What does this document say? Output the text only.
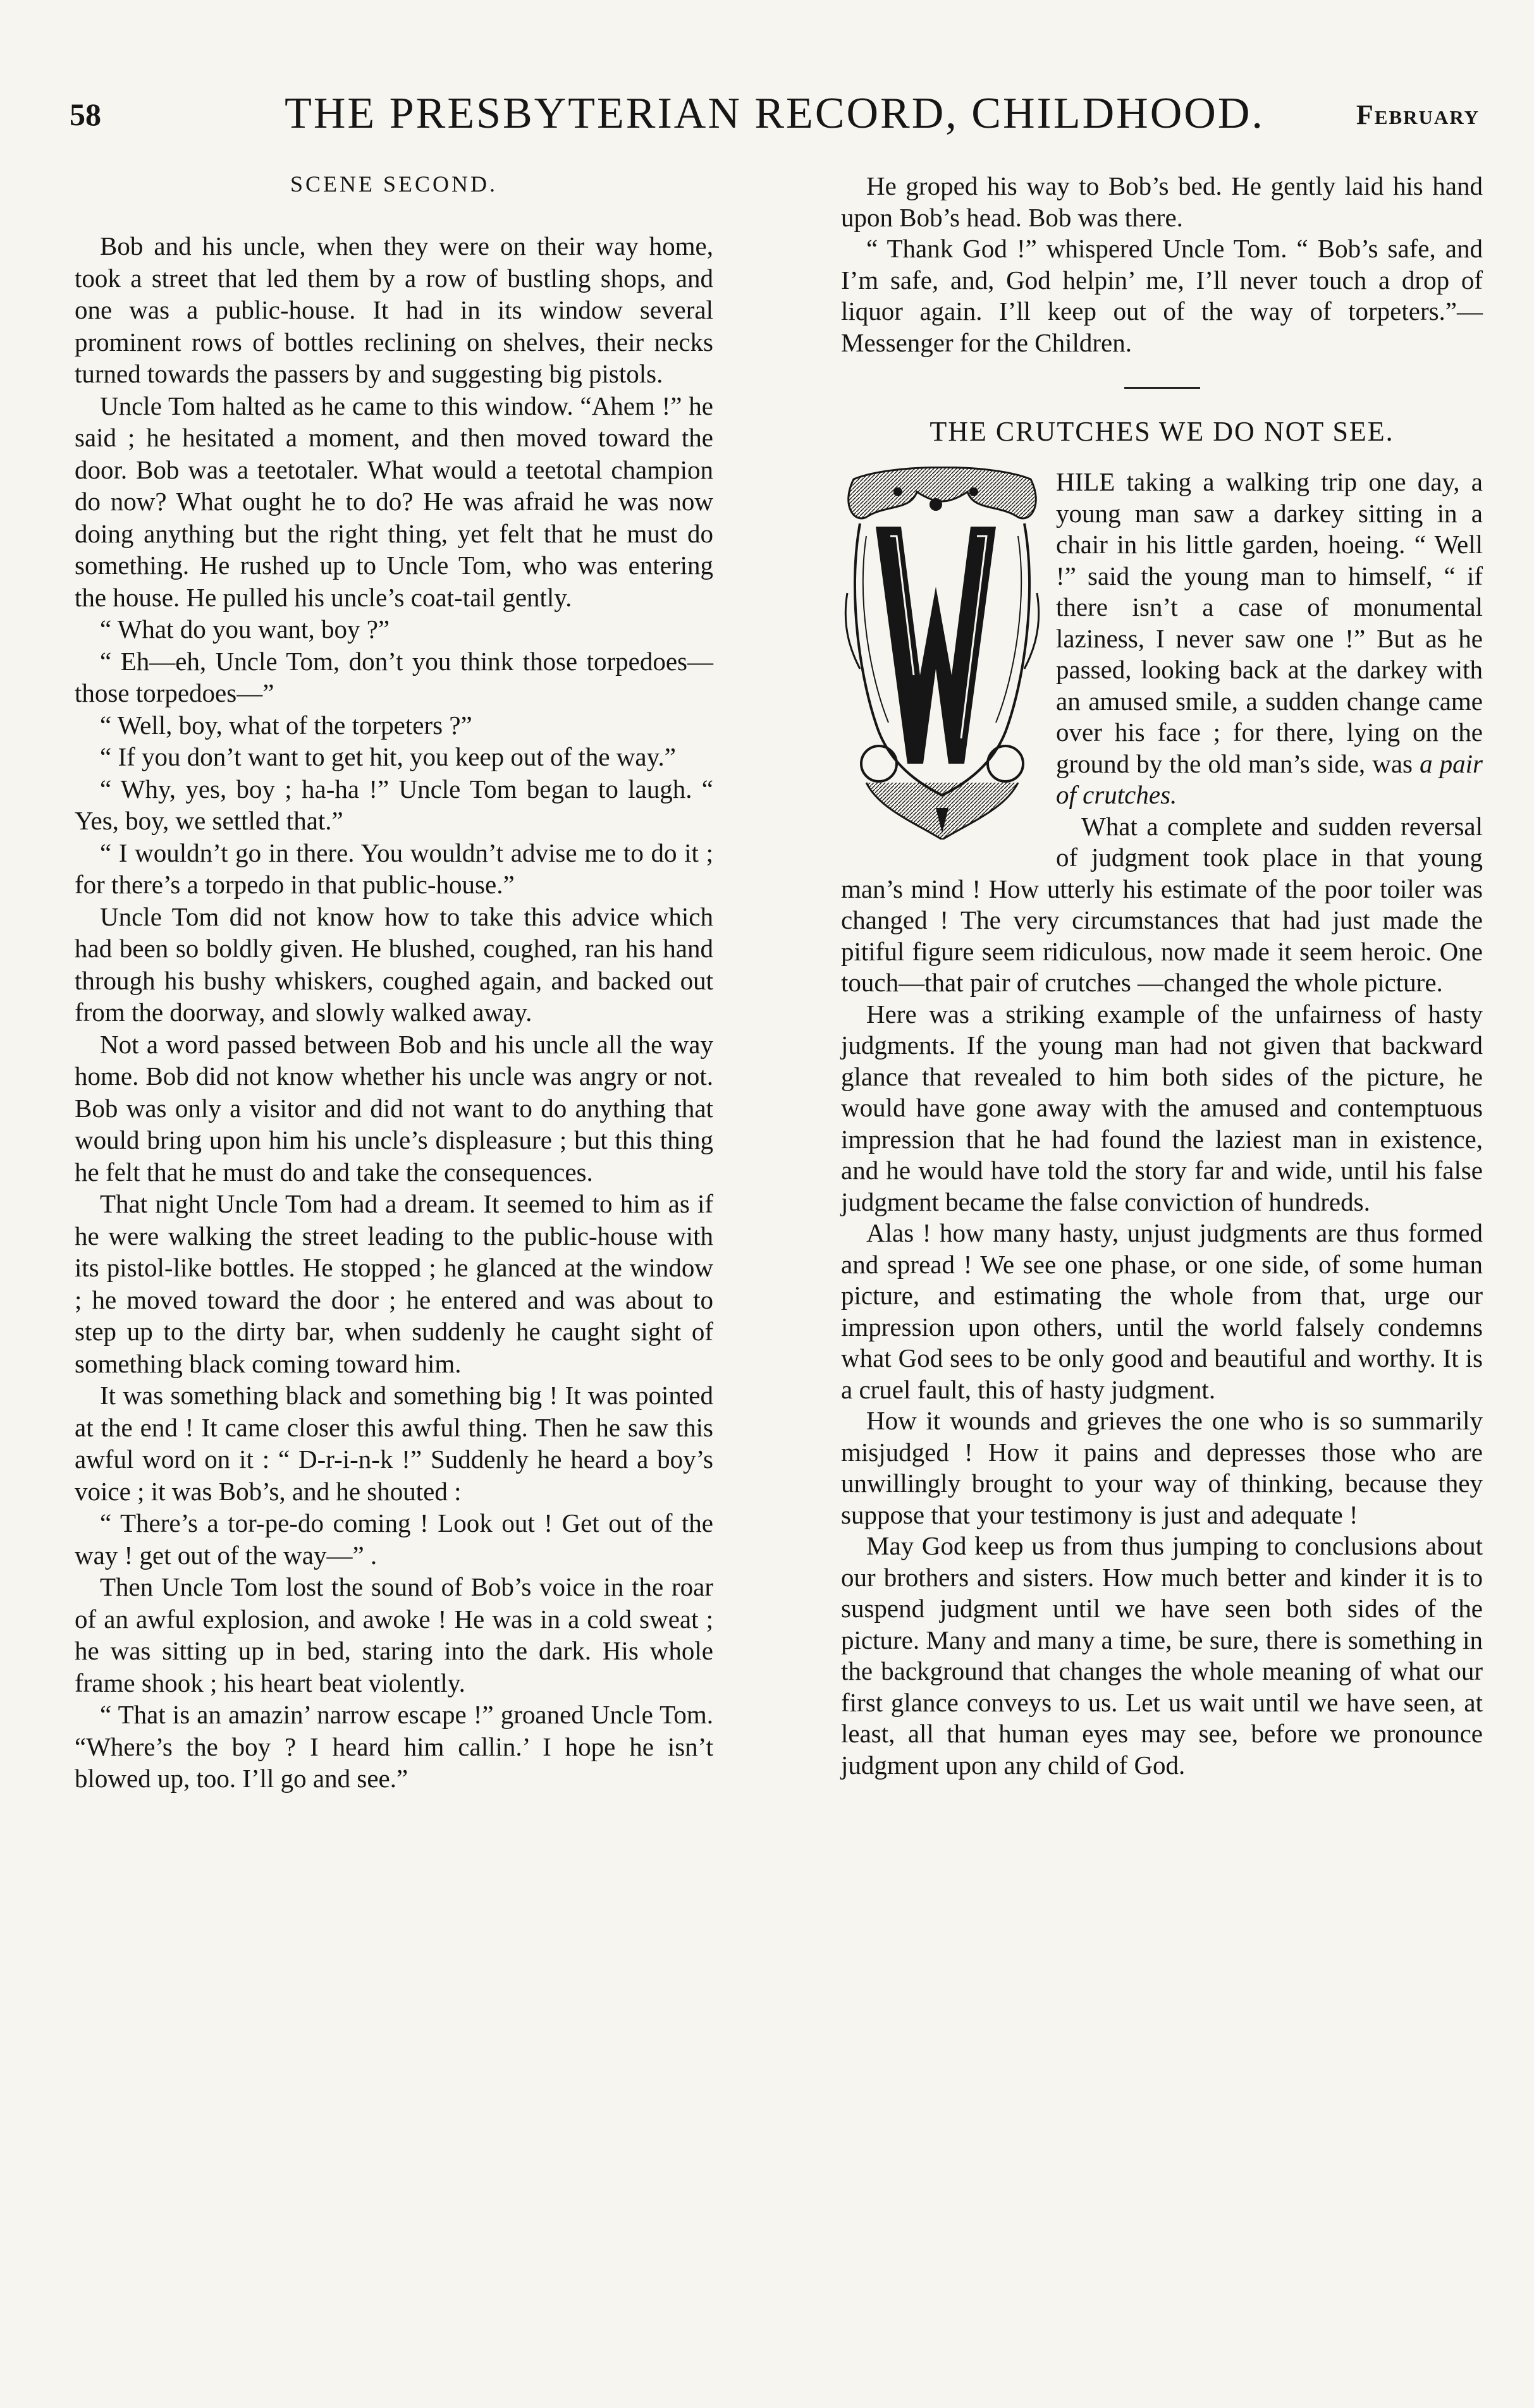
58	THE PRESBYTERIAN RECORD, CHILDHOOD.	February
SCENE SECOND.

Bob and his uncle, when they were on their way home, took a street that led them by a row of bustling shops, and one was a public-house. It had in its window several prominent rows of bottles reclining on shelves, their necks turned towards the passers by and suggesting big pistols.

Uncle Tom halted as he came to this window. “Ahem !” he said ; he hesitated a moment, and then moved toward the door. Bob was a teetotaler. What would a teetotal champion do now? What ought he to do? He was afraid he was now doing anything but the right thing, yet felt that he must do something. He rushed up to Uncle Tom, who was entering the house. He pulled his uncle’s coat-tail gently.

“ What do you want, boy ?”

“ Eh—eh, Uncle Tom, don’t you think those torpedoes—those torpedoes—”

“ Well, boy, what of the torpeters ?”

“ If you don’t want to get hit, you keep out of the way.”

“ Why, yes, boy ; ha-ha !” Uncle Tom began to laugh. “ Yes, boy, we settled that.”

“ I wouldn’t go in there. You wouldn’t advise me to do it ; for there’s a torpedo in that public-house.”

Uncle Tom did not know how to take this advice which had been so boldly given. He blushed, coughed, ran his hand through his bushy whiskers, coughed again, and backed out from the doorway, and slowly walked away.

Not a word passed between Bob and his uncle all the way home. Bob did not know whether his uncle was angry or not. Bob was only a visitor and did not want to do anything that would bring upon him his uncle’s displeasure ; but this thing he felt that he must do and take the consequences.

That night Uncle Tom had a dream. It seemed to him as if he were walking the street leading to the public-house with its pistol-like bottles. He stopped ; he glanced at the window ; he moved toward the door ; he entered and was about to step up to the dirty bar, when suddenly he caught sight of something black coming toward him.

It was something black and something big ! It was pointed at the end ! It came closer this awful thing. Then he saw this awful word on it : “ D-r-i-n-k !” Suddenly he heard a boy’s voice ; it was Bob’s, and he shouted :

“ There’s a tor-pe-do coming ! Look out ! Get out of the way ! get out of the way—” .

Then Uncle Tom lost the sound of Bob’s voice in the roar of an awful explosion, and awoke ! He was in a cold sweat ; he was sitting up in bed, staring into the dark. His whole frame shook ; his heart beat violently.

“ That is an amazin’ narrow escape !” groaned Uncle Tom. “Where’s the boy ? I heard him callin.’ I hope he isn’t blowed up, too. I’ll go and see.”

He groped his way to Bob’s bed. He gently laid his hand upon Bob’s head. Bob was there.

“ Thank God !” whispered Uncle Tom. “ Bob’s safe, and I’m safe, and, God helpin’ me, I’ll never touch a drop of liquor again. I’ll keep out of the way of torpeters.”—Messenger for the Children.

THE CRUTCHES WE DO NOT SEE.

HILE taking a walking trip one day, a young man saw a darkey sitting in a chair in his little garden, hoeing. “ Well !” said the young man to himself, “ if there isn’t a case of monumental laziness, I never saw one !” But as he passed, looking back at the darkey with an amused smile, a sudden change came over his face ; for there, lying on the ground by the old man’s side, was a pair of crutches.

What a complete and sudden reversal of judgment took place in that young man’s mind ! How utterly his estimate of the poor toiler was changed ! The very circumstances that had just made the pitiful figure seem ridiculous, now made it seem heroic. One touch—that pair of crutches —changed the whole picture.

Here was a striking example of the unfairness of hasty judgments. If the young man had not given that backward glance that revealed to him both sides of the picture, he would have gone away with the amused and contemptuous impression that he had found the laziest man in existence, and he would have told the story far and wide, until his false judgment became the false conviction of hundreds.

Alas ! how many hasty, unjust judgments are thus formed and spread ! We see one phase, or one side, of some human picture, and estimating the whole from that, urge our impression upon others, until the world falsely condemns what God sees to be only good and beautiful and worthy. It is a cruel fault, this of hasty judgment.

How it wounds and grieves the one who is so summarily misjudged ! How it pains and depresses those who are unwillingly brought to your way of thinking, because they suppose that your testimony is just and adequate !

May God keep us from thus jumping to conclusions about our brothers and sisters. How much better and kinder it is to suspend judgment until we have seen both sides of the picture. Many and many a time, be sure, there is something in the background that changes the whole meaning of what our first glance conveys to us. Let us wait until we have seen, at least, all that human eyes may see, before we pronounce judgment upon any child of God.
